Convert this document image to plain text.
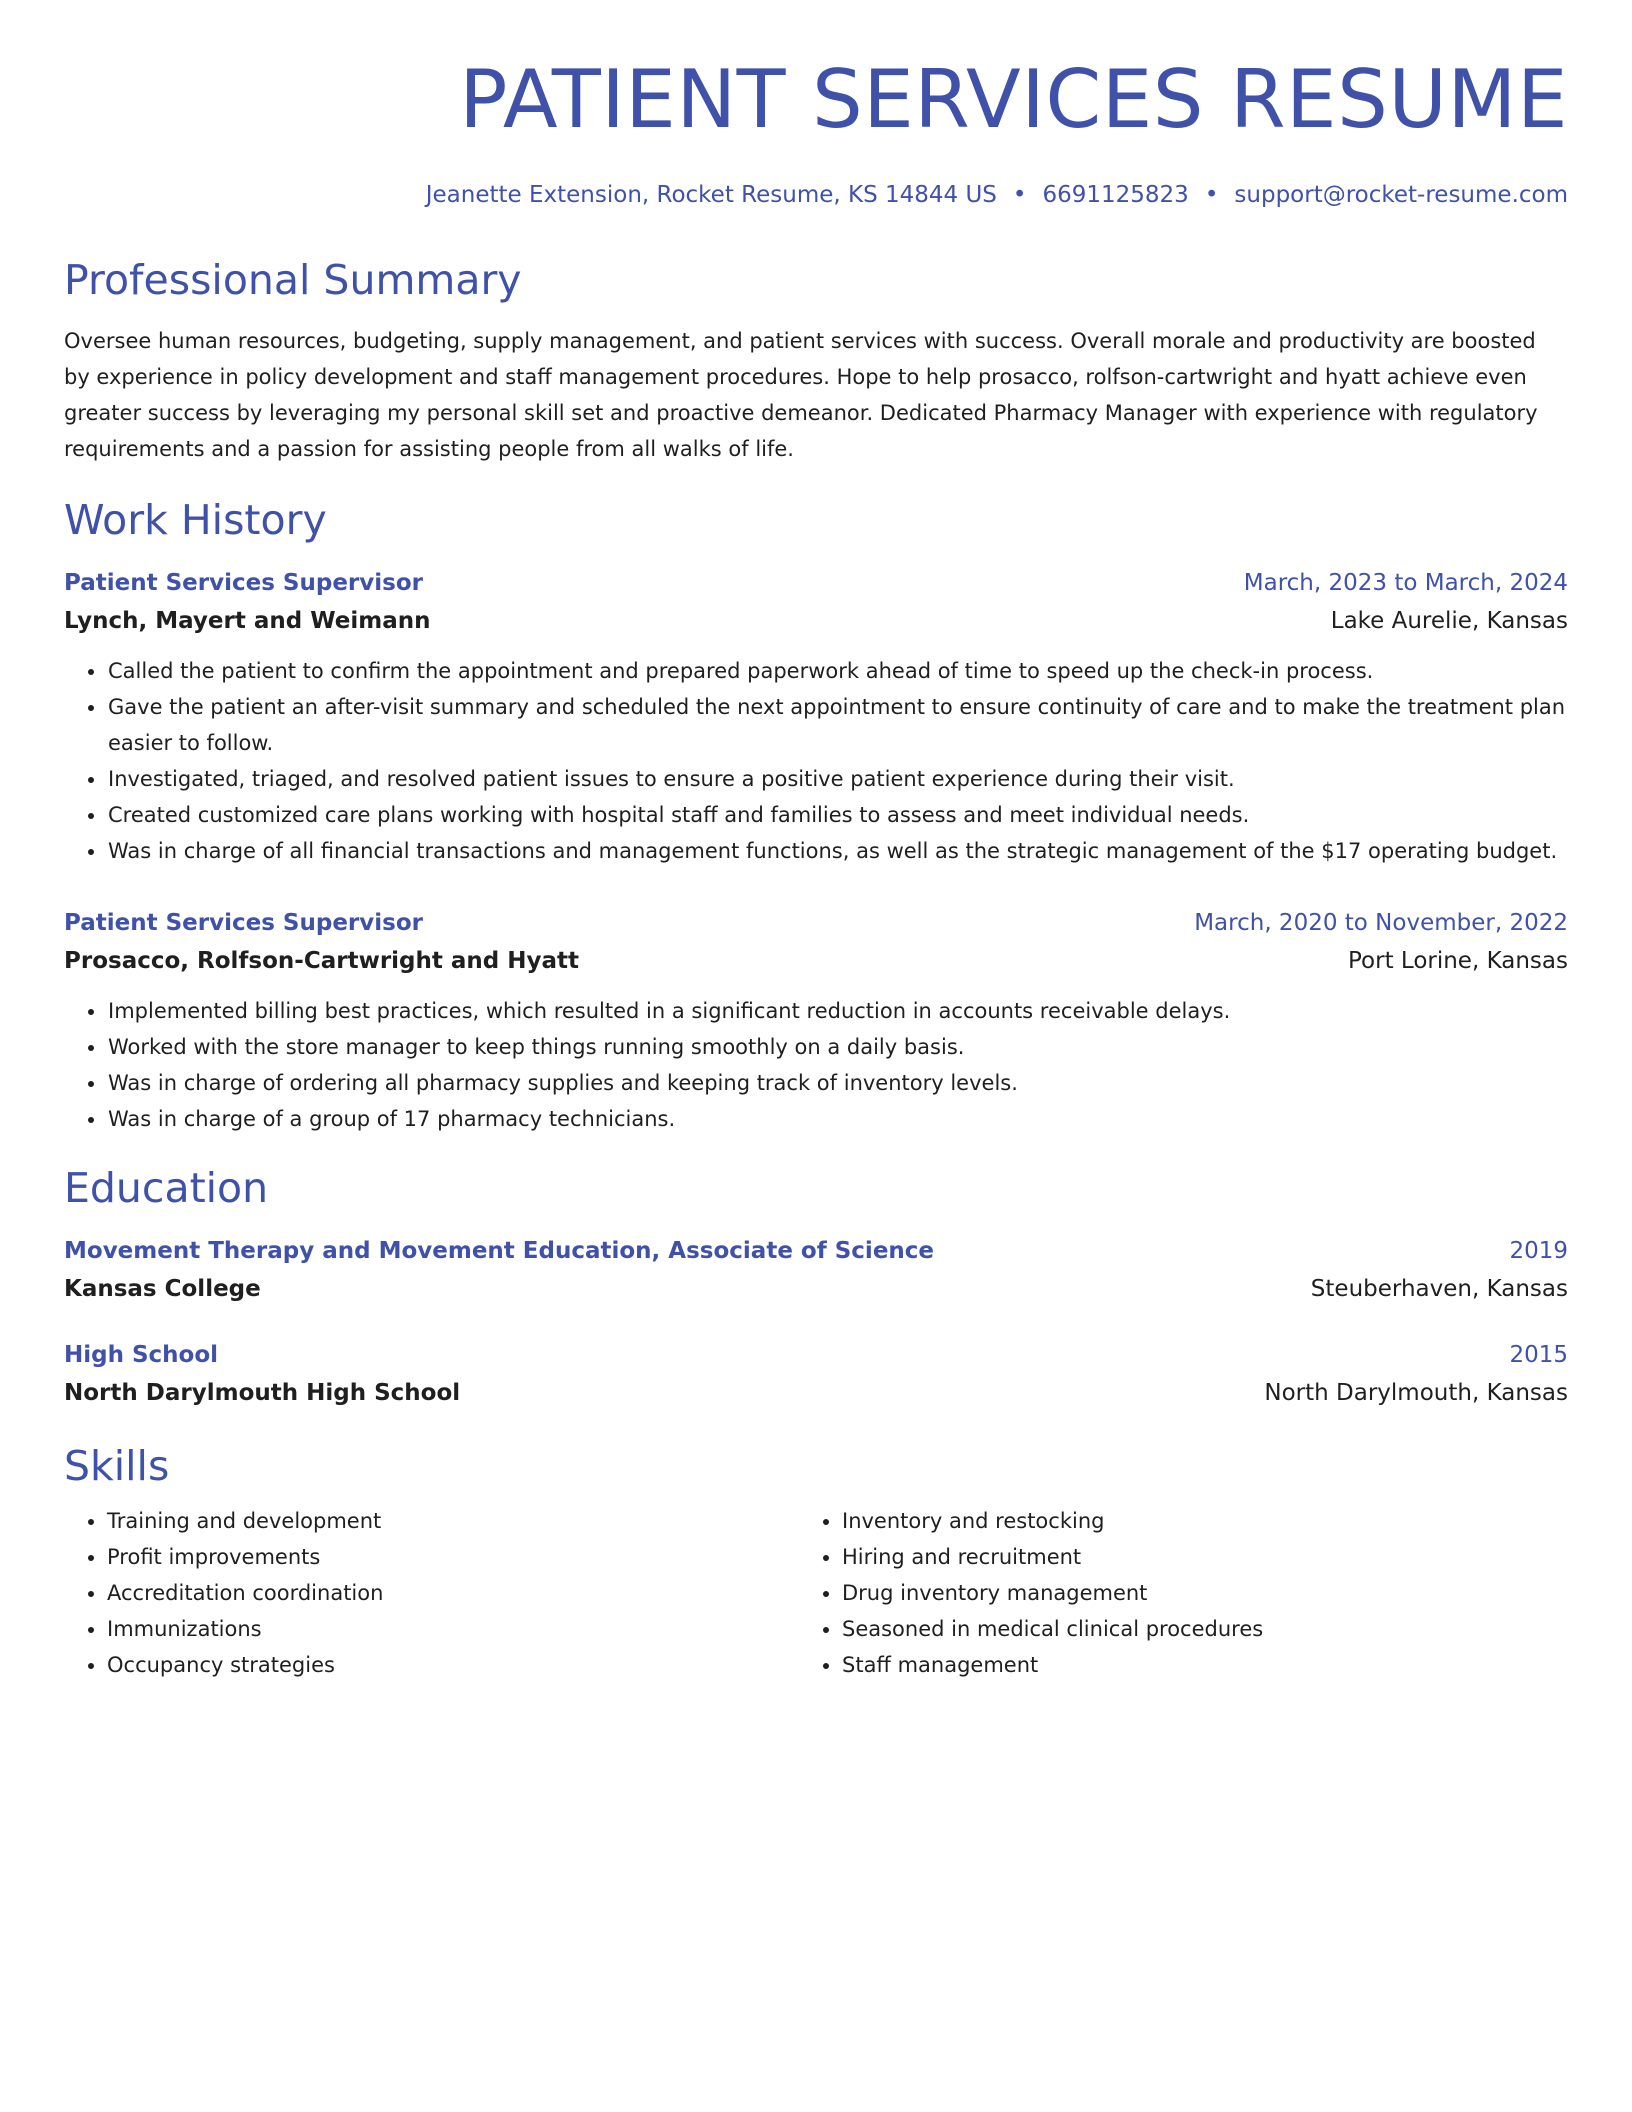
PATIENT SERVICES RESUME
Jeanette Extension, Rocket Resume, KS 14844 US • 6691125823 • support@rocket-resume.com
Professional Summary
Oversee human resources, budgeting, supply management, and patient services with success. Overall morale and productivity are boosted by experience in policy development and staff management procedures. Hope to help prosacco, rolfson-cartwright and hyatt achieve even greater success by leveraging my personal skill set and proactive demeanor. Dedicated Pharmacy Manager with experience with regulatory requirements and a passion for assisting people from all walks of life.
Work History
Patient Services Supervisor	March, 2023 to March, 2024
Lynch, Mayert and Weimann	Lake Aurelie, Kansas
• Called the patient to confirm the appointment and prepared paperwork ahead of time to speed up the check-in process.
• Gave the patient an after-visit summary and scheduled the next appointment to ensure continuity of care and to make the treatment plan easier to follow.
• Investigated, triaged, and resolved patient issues to ensure a positive patient experience during their visit.
• Created customized care plans working with hospital staff and families to assess and meet individual needs.
• Was in charge of all financial transactions and management functions, as well as the strategic management of the $17 operating budget.
Patient Services Supervisor	March, 2020 to November, 2022
Prosacco, Rolfson-Cartwright and Hyatt	Port Lorine, Kansas
• Implemented billing best practices, which resulted in a significant reduction in accounts receivable delays.
• Worked with the store manager to keep things running smoothly on a daily basis.
• Was in charge of ordering all pharmacy supplies and keeping track of inventory levels.
• Was in charge of a group of 17 pharmacy technicians.
Education
Movement Therapy and Movement Education, Associate of Science	2019
Kansas College	Steuberhaven, Kansas
High School	2015
North Darylmouth High School	North Darylmouth, Kansas
Skills
• Training and development
• Profit improvements
• Accreditation coordination
• Immunizations
• Occupancy strategies
• Inventory and restocking
• Hiring and recruitment
• Drug inventory management
• Seasoned in medical clinical procedures
• Staff management
